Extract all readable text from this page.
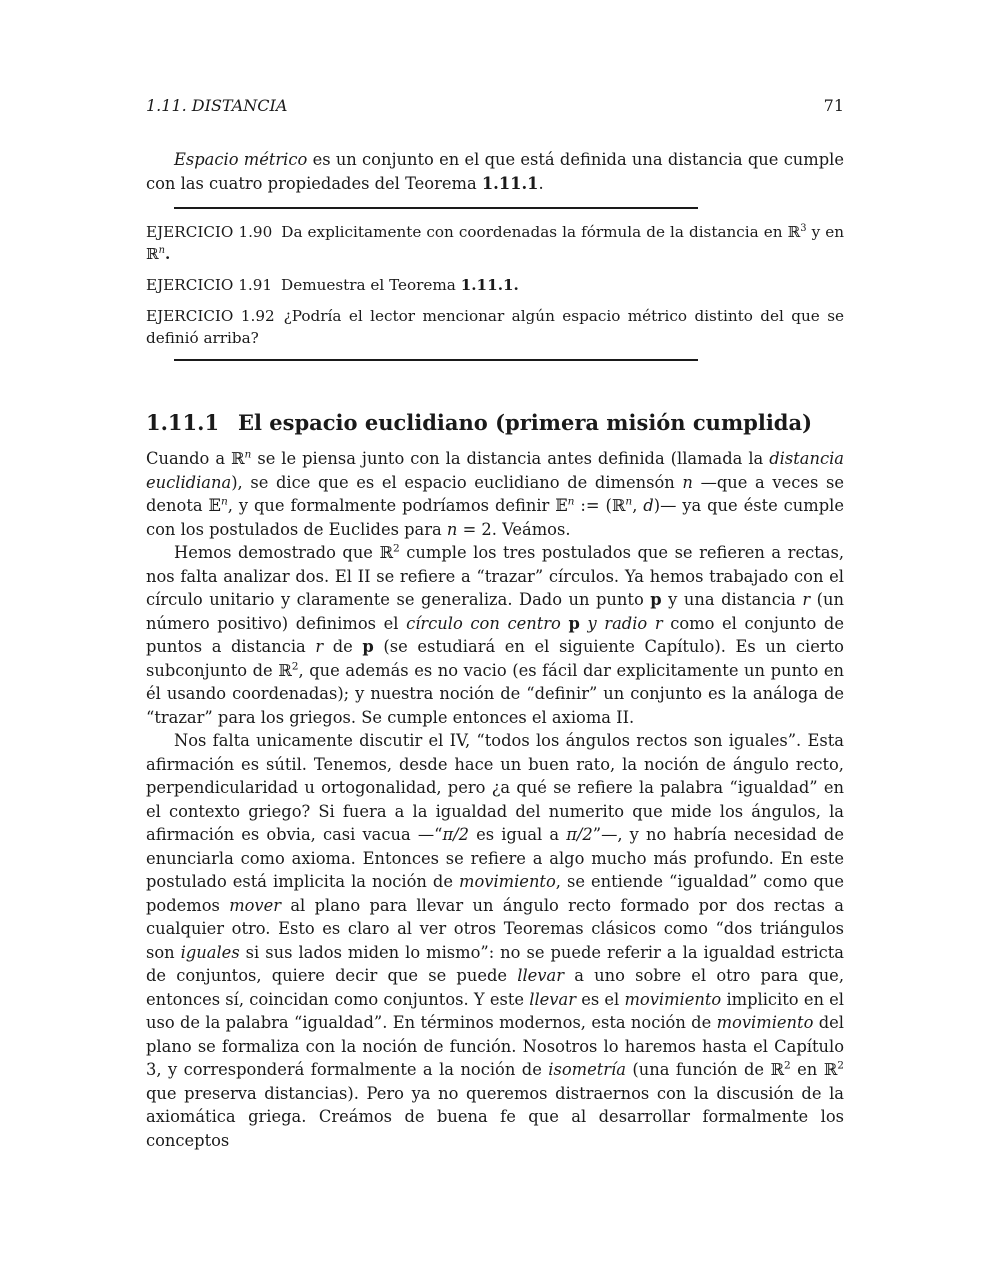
1.11. DISTANCIA	71

Espacio métrico es un conjunto en el que está definida una distancia que cumple con las cuatro propiedades del Teorema 1.11.1.

EJERCICIO 1.90 Da explicitamente con coordenadas la fórmula de la distancia en ℝ$^3$ y en ℝ$^n$.

EJERCICIO 1.91 Demuestra el Teorema 1.11.1.

EJERCICIO 1.92 ¿Podría el lector mencionar algún espacio métrico distinto del que se definió arriba?

1.11.1 El espacio euclidiano (primera misión cumplida)

Cuando a ℝ$^n$ se le piensa junto con la distancia antes definida (llamada la distancia euclidiana), se dice que es el espacio euclidiano de dimensón n —que a veces se denota 𝔼$^n$, y que formalmente podríamos definir 𝔼$^n$ := (ℝ$^n$, d)— ya que éste cumple con los postulados de Euclides para n = 2. Veámos.

Hemos demostrado que ℝ$^2$ cumple los tres postulados que se refieren a rectas, nos falta analizar dos. El II se refiere a “trazar” círculos. Ya hemos trabajado con el círculo unitario y claramente se generaliza. Dado un punto p y una distancia r (un número positivo) definimos el círculo con centro p y radio r como el conjunto de puntos a distancia r de p (se estudiará en el siguiente Capítulo). Es un cierto subconjunto de ℝ$^2$, que además es no vacio (es fácil dar explicitamente un punto en él usando coordenadas); y nuestra noción de “definir” un conjunto es la análoga de “trazar” para los griegos. Se cumple entonces el axioma II.

Nos falta unicamente discutir el IV, “todos los ángulos rectos son iguales”. Esta afirmación es sútil. Tenemos, desde hace un buen rato, la noción de ángulo recto, perpendicularidad u ortogonalidad, pero ¿a qué se refiere la palabra “igualdad” en el contexto griego? Si fuera a la igualdad del numerito que mide los ángulos, la afirmación es obvia, casi vacua —“π/2 es igual a π/2”—, y no habría necesidad de enunciarla como axioma. Entonces se refiere a algo mucho más profundo. En este postulado está implicita la noción de movimiento, se entiende “igualdad” como que podemos mover al plano para llevar un ángulo recto formado por dos rectas a cualquier otro. Esto es claro al ver otros Teoremas clásicos como “dos triángulos son iguales si sus lados miden lo mismo”: no se puede referir a la igualdad estricta de conjuntos, quiere decir que se puede llevar a uno sobre el otro para que, entonces sí, coincidan como conjuntos. Y este llevar es el movimiento implicito en el uso de la palabra “igualdad”. En términos modernos, esta noción de movimiento del plano se formaliza con la noción de función. Nosotros lo haremos hasta el Capítulo 3, y corresponderá formalmente a la noción de isometría (una función de ℝ$^2$ en ℝ$^2$ que preserva distancias). Pero ya no queremos distraernos con la discusión de la axiomática griega. Creámos de buena fe que al desarrollar formalmente los conceptos
